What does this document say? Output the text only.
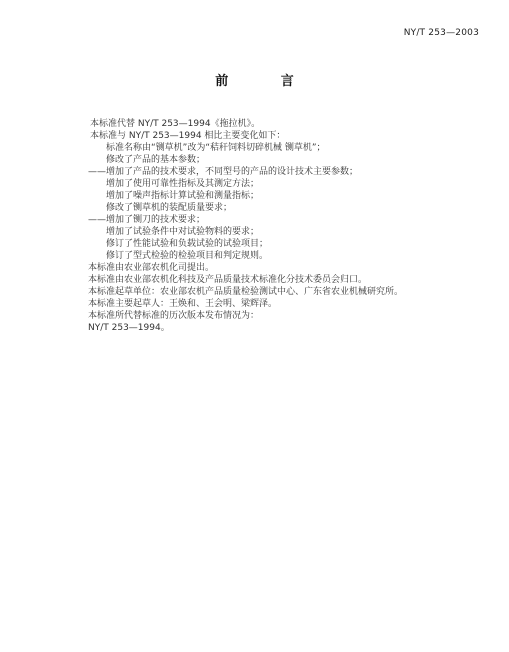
NY/T 253—2003
前 言
本标准代替 NY/T 253—1994《拖拉机》。
本标准与 NY/T 253—1994 相比主要变化如下：
标准名称由“铡草机”改为“秸秆饲料切碎机械 铡草机”；
修改了产品的基本参数；
——增加了产品的技术要求，不同型号的产品的设计技术主要参数；
增加了使用可靠性指标及其测定方法；
增加了噪声指标计算试验和测量指标；
修改了铡草机的装配质量要求；
——增加了铡刀的技术要求；
增加了试验条件中对试验物料的要求；
修订了性能试验和负载试验的试验项目；
修订了型式检验的检验项目和判定规则。
本标准由农业部农机化司提出。
本标准由农业部农机化科技及产品质量技术标准化分技术委员会归口。
本标准起草单位：农业部农机产品质量检验测试中心、广东省农业机械研究所。
本标准主要起草人：王焕和、王会明、梁辉泽。
本标准所代替标准的历次版本发布情况为：
NY/T 253—1994。
